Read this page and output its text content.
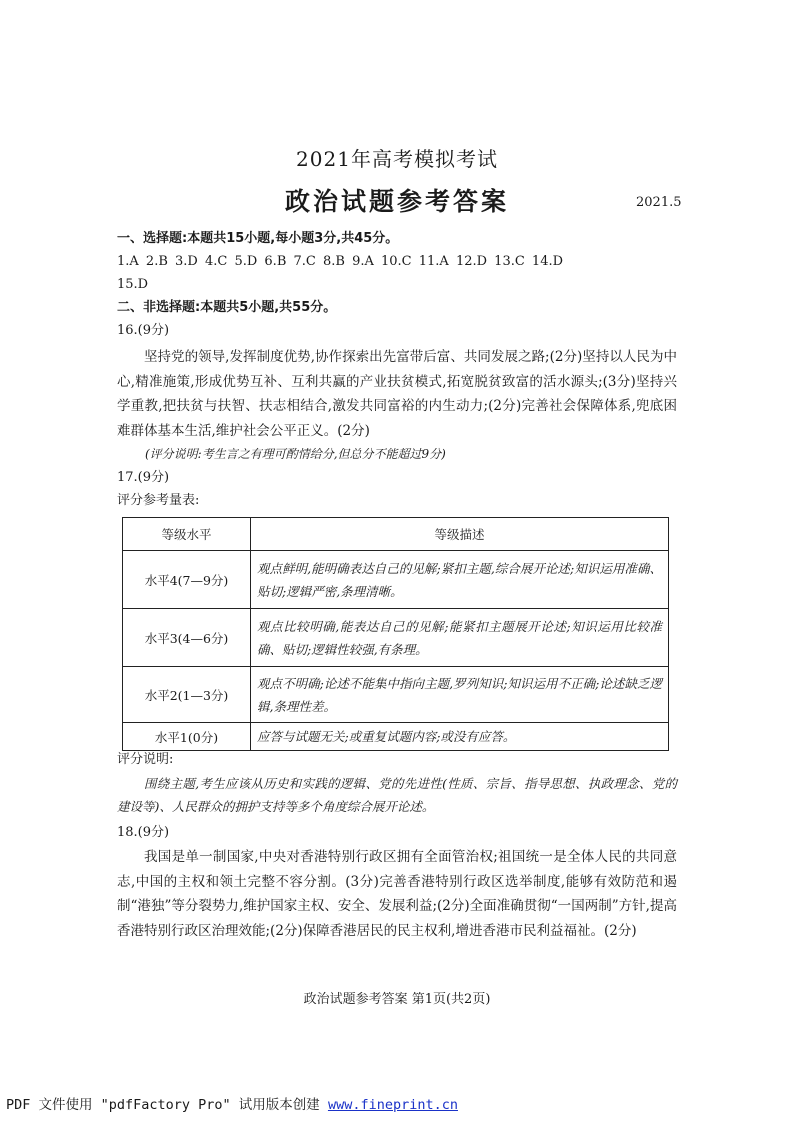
2021年高考模拟考试
政治试题参考答案	2021.5
一、选择题:本题共15小题,每小题3分,共45分。
1.A 2.B 3.D 4.C 5.D 6.B 7.C 8.B 9.A 10.C 11.A 12.D 13.C 14.D
15.D
二、非选择题:本题共5小题,共55分。
16.(9分)
坚持党的领导,发挥制度优势,协作探索出先富带后富、共同发展之路;(2分)坚持以人民为中心,精准施策,形成优势互补、互利共赢的产业扶贫模式,拓宽脱贫致富的活水源头;(3分)坚持兴学重教,把扶贫与扶智、扶志相结合,激发共同富裕的内生动力;(2分)完善社会保障体系,兜底困难群体基本生活,维护社会公平正义。(2分)
(评分说明:考生言之有理可酌情给分,但总分不能超过9分)
17.(9分)
评分参考量表:
等级水平	等级描述
水平4(7—9分)	观点鲜明,能明确表达自己的见解;紧扣主题,综合展开论述;知识运用准确、贴切;逻辑严密,条理清晰。
水平3(4—6分)	观点比较明确,能表达自己的见解;能紧扣主题展开论述;知识运用比较准确、贴切;逻辑性较强,有条理。
水平2(1—3分)	观点不明确;论述不能集中指向主题,罗列知识;知识运用不正确;论述缺乏逻辑,条理性差。
水平1(0分)	应答与试题无关;或重复试题内容;或没有应答。
评分说明:
围绕主题,考生应该从历史和实践的逻辑、党的先进性(性质、宗旨、指导思想、执政理念、党的建设等)、人民群众的拥护支持等多个角度综合展开论述。
18.(9分)
我国是单一制国家,中央对香港特别行政区拥有全面管治权;祖国统一是全体人民的共同意志,中国的主权和领土完整不容分割。(3分)完善香港特别行政区选举制度,能够有效防范和遏制“港独”等分裂势力,维护国家主权、安全、发展利益;(2分)全面准确贯彻“一国两制”方针,提高香港特别行政区治理效能;(2分)保障香港居民的民主权利,增进香港市民利益福祉。(2分)
政治试题参考答案 第1页(共2页)
PDF 文件使用 "pdfFactory Pro" 试用版本创建 www.fineprint.cn
